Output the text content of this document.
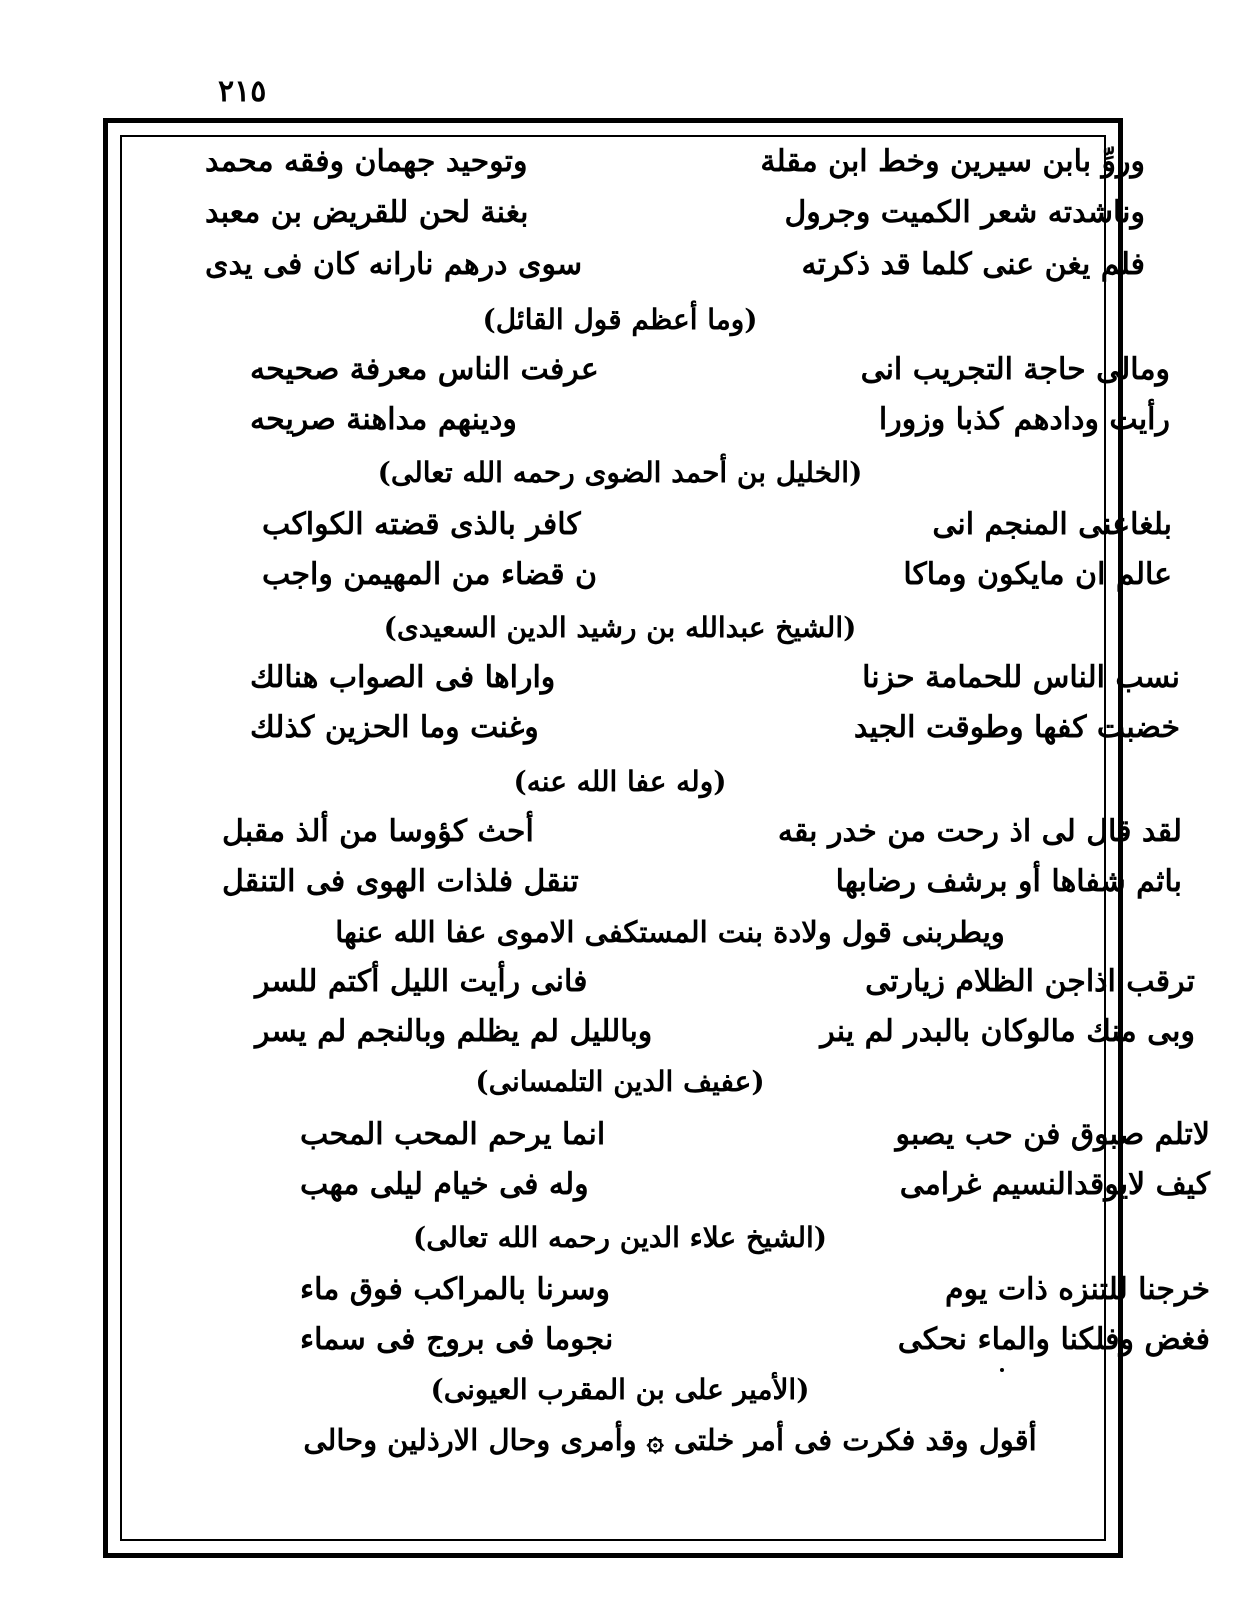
٢١٥
وروِّ بابن سيرين وخط ابن مقلة
وتوحيد جهمان وفقه محمد
وناشدته شعر الكميت وجرول
بغنة لحن للقريض بن معبد
فلم يغن عنى كلما قد ذكرته
سوى درهم نارانه كان فى يدى
(وما أعظم قول القائل)
ومالى حاجة التجريب انى
عرفت الناس معرفة صحيحه
رأيت ودادهم كذبا وزورا
ودينهم مداهنة صريحه
(الخليل بن أحمد الضوى رحمه الله تعالى)
بلغاعنى المنجم انى
كافر بالذى قضته الكواكب
عالم ان مايكون وماكا
ن قضاء من المهيمن واجب
(الشيخ عبدالله بن رشيد الدين السعيدى)
نسب الناس للحمامة حزنا
واراها فى الصواب هنالك
خضبت كفها وطوقت الجيد
وغنت وما الحزين كذلك
(وله عفا الله عنه)
لقد قال لى اذ رحت من خدر بقه
أحث كؤوسا من ألذ مقبل
باثم شفاها أو برشف رضابها
تنقل فلذات الهوى فى التنقل
ويطربنى قول ولادة بنت المستكفى الاموى عفا الله عنها
ترقب اذاجن الظلام زيارتى
فانى رأيت الليل أكتم للسر
وبى منك مالوكان بالبدر لم ينر
وبالليل لم يظلم وبالنجم لم يسر
(عفيف الدين التلمسانى)
لاتلم صبوق فن حب يصبو
انما يرحم المحب المحب
كيف لايوقدالنسيم غرامى
وله فى خيام ليلى مهب
(الشيخ علاء الدين رحمه الله تعالى)
خرجنا للتنزه ذات يوم
وسرنا بالمراكب فوق ماء
فغض وفلكنا والماء نحكى
نجوما فى بروج فى سماء
(الأمير على بن المقرب العيونى)
أقول وقد فكرت فى أمر خلتى ۞ وأمرى وحال الارذلين وحالى
